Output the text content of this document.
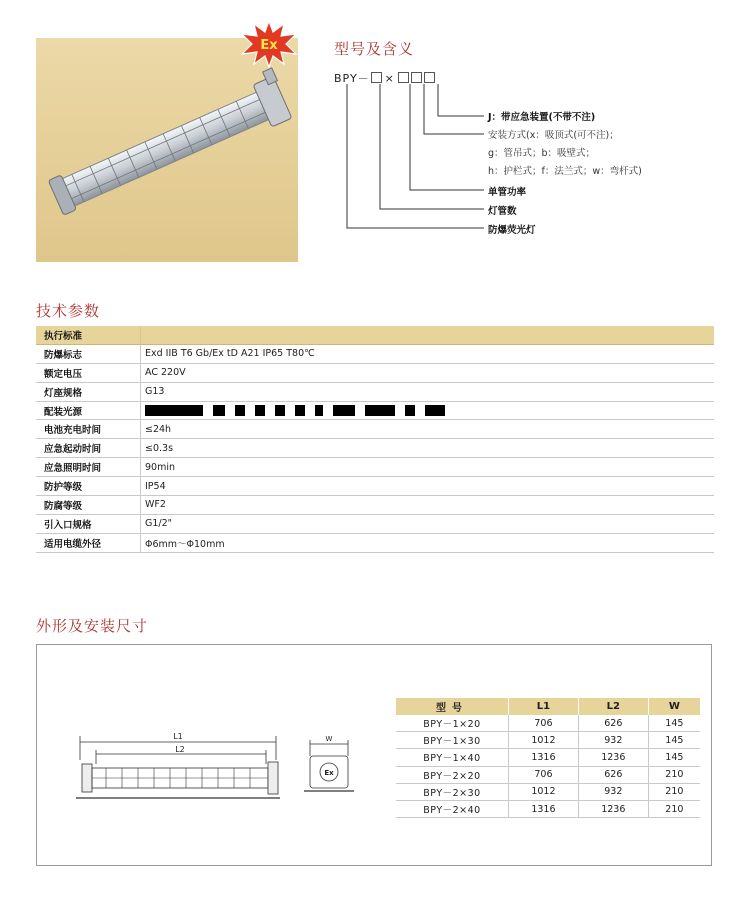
Ex	型号及含义
BPY－ ×
J：带应急装置(不带不注)
安装方式(x：吸顶式(可不注)；
g：管吊式；b：吸壁式；
h：护栏式；f：法兰式；w：弯杆式)
单管功率
灯管数
防爆荧光灯
技术参数
执行标准
防爆标志	Exd IIB T6 Gb/Ex tD A21 IP65 T80℃
额定电压	AC 220V
灯座规格	G13
配装光源
电池充电时间	≤24h
应急起动时间	≤0.3s
应急照明时间	90min
防护等级	IP54
防腐等级	WF2
引入口规格	G1/2"
适用电缆外径	Φ6mm～Φ10mm
外形及安装尺寸
L1
L2
W
Ex
型号	L1	L2	W
BPY－1×20	706	626	145
BPY－1×30	1012	932	145
BPY－1×40	1316	1236	145
BPY－2×20	706	626	210
BPY－2×30	1012	932	210
BPY－2×40	1316	1236	210
